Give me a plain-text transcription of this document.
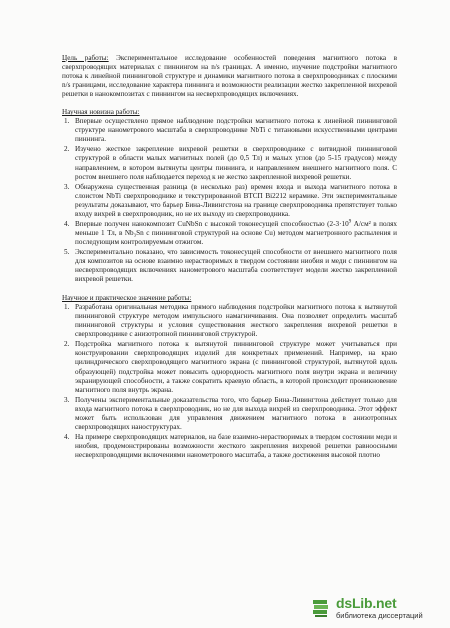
Цель работы: Экспериментальное исследование особенностей поведения магнитного потока в сверхпроводящих материалах с пиннингом на n/s границах. А именно, изучение подстройки магнитного потока к линейной пиннинговой структуре и динамики магнитного потока в сверхпроводниках с плоскими n/s границами, исследование характера пиннинга и возможности реализации жестко закрепленной вихревой решетки в нанокомпозитах с пиннингом на несверхпроводящих включениях.

Научная новизна работы:

1. Впервые осуществлено прямое наблюдение подстройки магнитного потока к линейной пиннинговой структуре нанометрового масштаба в сверхпроводнике NbTi с титановыми искусственными центрами пиннинга.
2. Изучено жесткое закрепление вихревой решетки в сверхпроводнике с витвидной пиннинговой структурой в области малых магнитных полей (до 0,5 Тл) и малых углов (до 5-15 градусов) между направлением, в котором вытянуты центры пиннинга, и направлением внешнего магнитного поля. С ростом внешнего поля наблюдается переход к не жестко закрепленной вихревой решетки.
3. Обнаружена существенная разница (в несколько раз) времен входа и выхода магнитного потока в слоистом NbTi сверхпроводнике и текстурированной ВТСП Bi2212 керамике. Эти экспериментальные результаты доказывают, что барьер Бина-Ливингстона на границе сверхпроводника препятствует только входу вихрей в сверхпроводник, но не их выходу из сверхпроводника.
4. Впервые получен нанокомпозит CuNbSn с высокой токонесущей способностью ($2-3\cdot 10^9$ А/см² в полях меньше 1 Тл, в Nb₃Sn с пиннинговой структурой на основе Cu) методом магнетронного распыления и последующим контролируемым отжигом.
5. Экспериментально показано, что зависимость токонесущей способности от внешнего магнитного поля для композитов на основе взаимно нерастворимых в твердом состоянии ниобия и меди с пиннингом на несверхпроводящих включениях нанометрового масштаба соответствует модели жестко закрепленной вихревой решетки.

Научное и практическое значение работы:

1. Разработана оригинальная методика прямого наблюдения подстройки магнитного потока к вытянутой пиннинговой структуре методом импульсного намагничивания. Она позволяет определить масштаб пиннинговой структуры и условия существования жесткого закрепления вихревой решетки в сверхпроводнике с анизотропной пиннинговой структурой.
2. Подстройка магнитного потока к вытянутой пиннинговой структуре может учитываться при конструировании сверхпроводящих изделий для конкретных применений. Например, на краю цилиндрического сверхпроводящего магнитного экрана (с пиннинговой структурой, вытянутой вдоль образующей) подстройка может повысить однородность магнитного поля внутри экрана и величину экранирующей способности, а также сократить краевую область, в которой происходит проникновение магнитного поля внутрь экрана.
3. Получены экспериментальные доказательства того, что барьер Бина-Ливингтона действует только для входа магнитного потока в сверхпроводник, но не для выхода вихрей из сверхпроводника. Этот эффект может быть использован для управления движением магнитного потока в анизотропных сверхпроводящих наноструктурах.
4. На примере сверхпроводящих материалов, на базе взаимно-нерастворимых в твердом состоянии меди и ниобия, продемонстрированы возможности жесткого закрепления вихревой решетки равноосными несверхпроводящими включениями нанометрового масштаба, а также достижения высокой плотно
dsLib.net
библиотека диссертаций
